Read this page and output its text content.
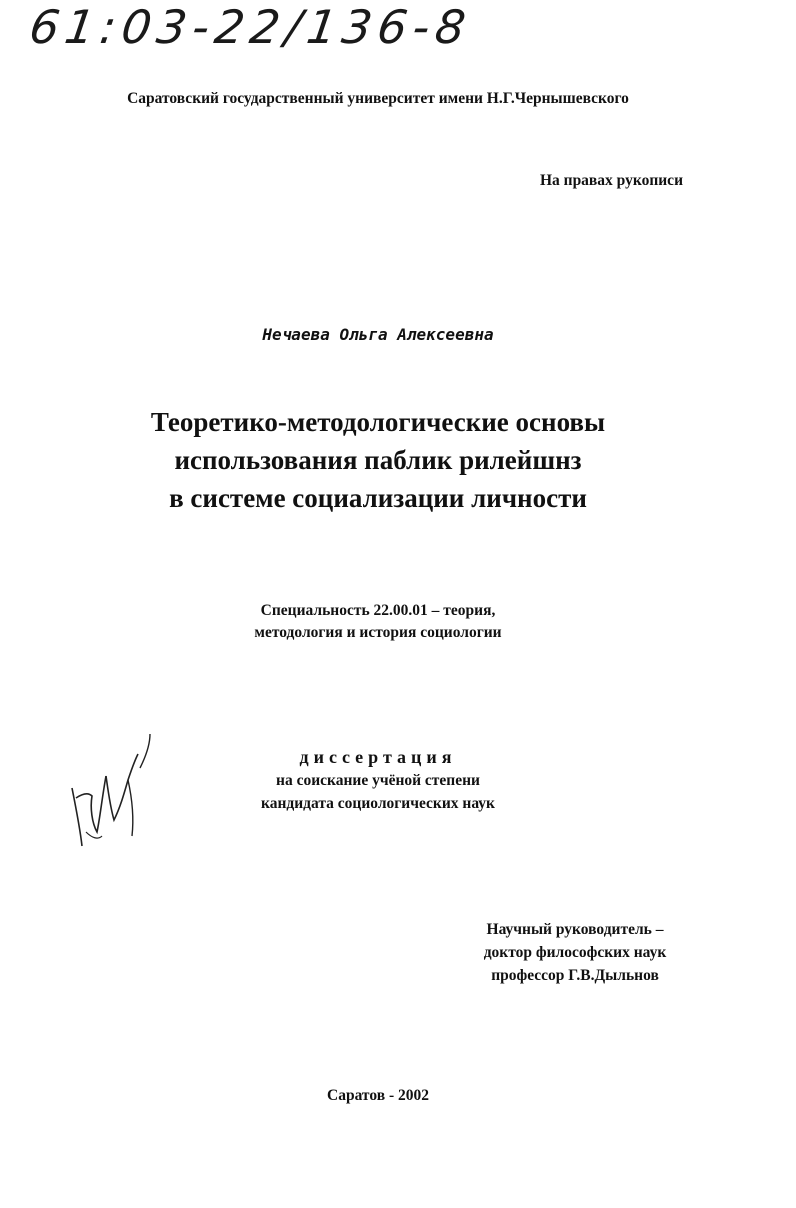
61:03-22/136-8
Саратовский государственный университет имени Н.Г.Чернышевского
На правах рукописи
Нечаева Ольга Алексеевна
Теоретико-методологические основы
использования паблик рилейшнз
в системе социализации личности
Специальность 22.00.01 – теория,
методология и история социологии
диссертация
на соискание учёной степени
кандидата социологических наук
Научный руководитель –
доктор философских наук
профессор Г.В.Дыльнов
Саратов - 2002
